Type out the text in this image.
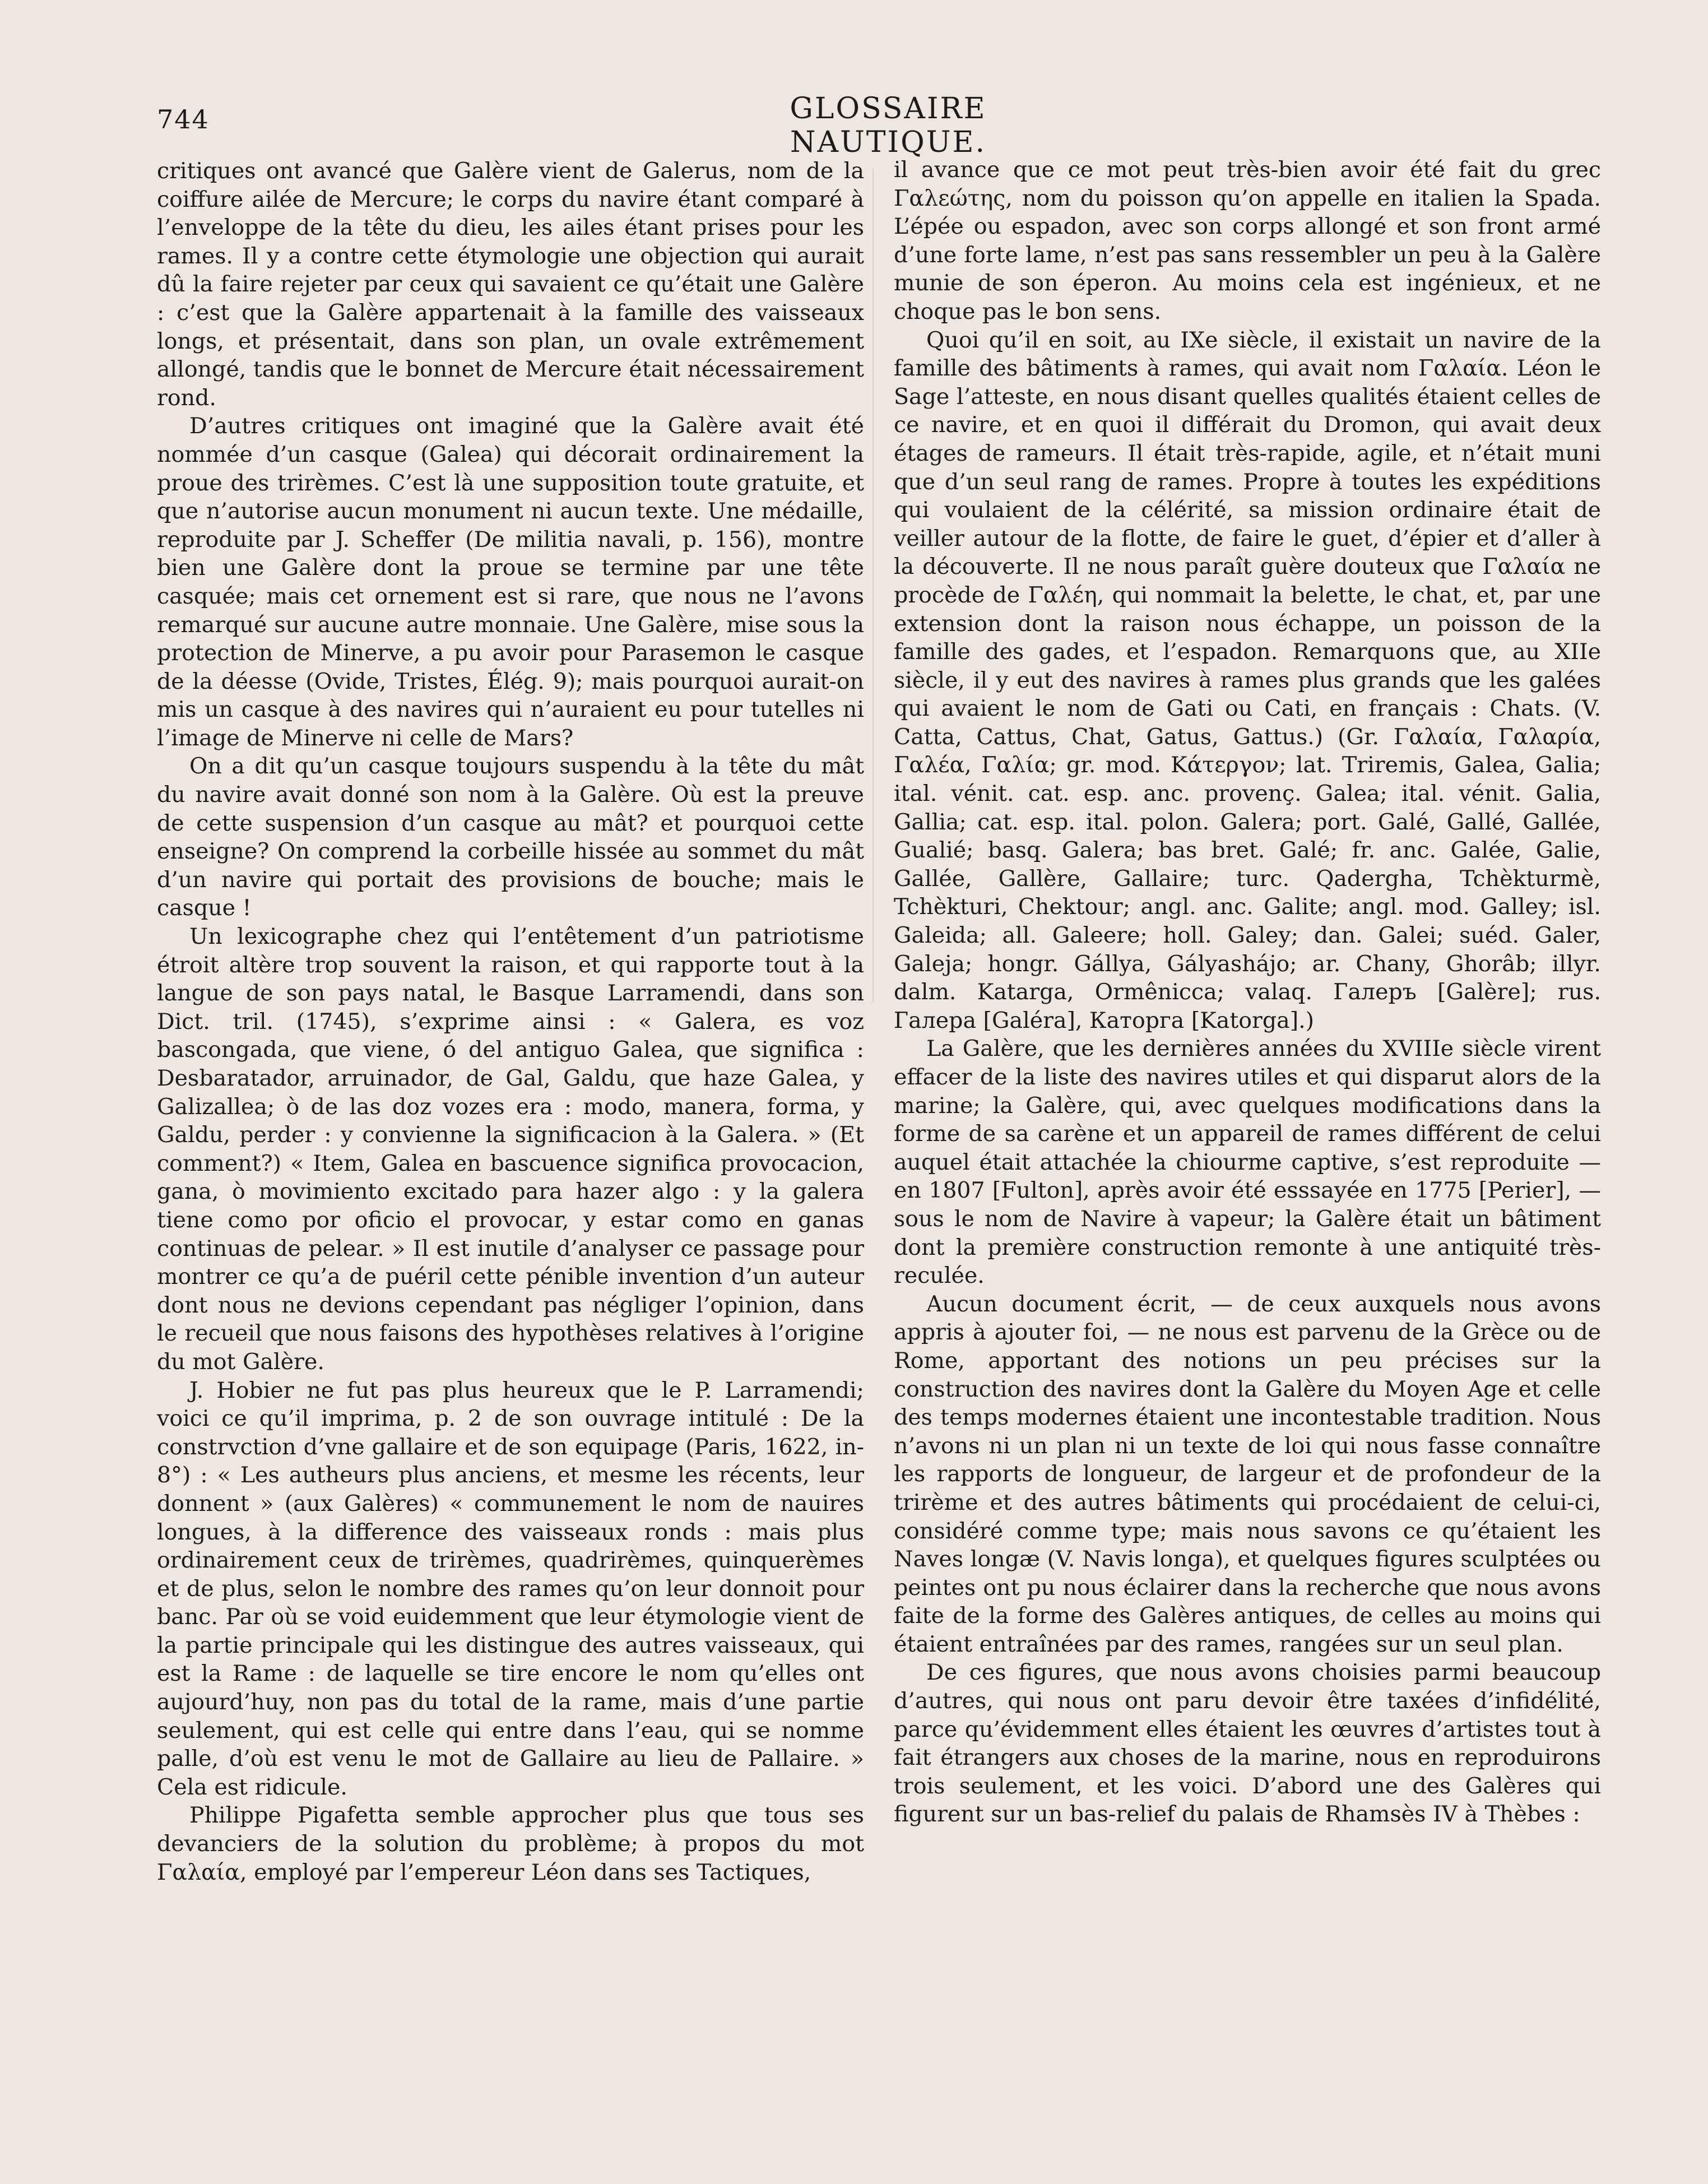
744	GLOSSAIRE NAUTIQUE.

critiques ont avancé que Galère vient de Galerus, nom de la coiffure ailée de Mercure; le corps du navire étant comparé à l’enveloppe de la tête du dieu, les ailes étant prises pour les rames. Il y a contre cette étymologie une objection qui aurait dû la faire rejeter par ceux qui savaient ce qu’était une Galère : c’est que la Galère appartenait à la famille des vaisseaux longs, et présentait, dans son plan, un ovale extrêmement allongé, tandis que le bonnet de Mercure était nécessairement rond.

D’autres critiques ont imaginé que la Galère avait été nommée d’un casque (Galea) qui décorait ordinairement la proue des trirèmes. C’est là une supposition toute gratuite, et que n’autorise aucun monument ni aucun texte. Une médaille, reproduite par J. Scheffer (De militia navali, p. 156), montre bien une Galère dont la proue se termine par une tête casquée; mais cet ornement est si rare, que nous ne l’avons remarqué sur aucune autre monnaie. Une Galère, mise sous la protection de Minerve, a pu avoir pour Parasemon le casque de la déesse (Ovide, Tristes, Élég. 9); mais pourquoi aurait-on mis un casque à des navires qui n’auraient eu pour tutelles ni l’image de Minerve ni celle de Mars?

On a dit qu’un casque toujours suspendu à la tête du mât du navire avait donné son nom à la Galère. Où est la preuve de cette suspension d’un casque au mât? et pourquoi cette enseigne? On comprend la corbeille hissée au sommet du mât d’un navire qui portait des provisions de bouche; mais le casque !

Un lexicographe chez qui l’entêtement d’un patriotisme étroit altère trop souvent la raison, et qui rapporte tout à la langue de son pays natal, le Basque Larramendi, dans son Dict. tril. (1745), s’exprime ainsi : « Galera, es voz bascongada, que viene, ó del antiguo Galea, que significa : Desbaratador, arruinador, de Gal, Galdu, que haze Galea, y Galizallea; ò de las doz vozes era : modo, manera, forma, y Galdu, perder : y convienne la significacion à la Galera. » (Et comment?) « Item, Galea en bascuence significa provocacion, gana, ò movimiento excitado para hazer algo : y la galera tiene como por oficio el provocar, y estar como en ganas continuas de pelear. » Il est inutile d’analyser ce passage pour montrer ce qu’a de puéril cette pénible invention d’un auteur dont nous ne devions cependant pas négliger l’opinion, dans le recueil que nous faisons des hypothèses relatives à l’origine du mot Galère.

J. Hobier ne fut pas plus heureux que le P. Larramendi; voici ce qu’il imprima, p. 2 de son ouvrage intitulé : De la constrvction d’vne gallaire et de son equipage (Paris, 1622, in-8°) : « Les autheurs plus anciens, et mesme les récents, leur donnent » (aux Galères) « communement le nom de nauires longues, à la difference des vaisseaux ronds : mais plus ordinairement ceux de trirèmes, quadrirèmes, quinquerèmes et de plus, selon le nombre des rames qu’on leur donnoit pour banc. Par où se void euidemment que leur étymologie vient de la partie principale qui les distingue des autres vaisseaux, qui est la Rame : de laquelle se tire encore le nom qu’elles ont aujourd’huy, non pas du total de la rame, mais d’une partie seulement, qui est celle qui entre dans l’eau, qui se nomme palle, d’où est venu le mot de Gallaire au lieu de Pallaire. » Cela est ridicule.

Philippe Pigafetta semble approcher plus que tous ses devanciers de la solution du problème; à propos du mot Γαλαία, employé par l’empereur Léon dans ses Tactiques,

il avance que ce mot peut très-bien avoir été fait du grec Γαλεώτης, nom du poisson qu’on appelle en italien la Spada. L’épée ou espadon, avec son corps allongé et son front armé d’une forte lame, n’est pas sans ressembler un peu à la Galère munie de son éperon. Au moins cela est ingénieux, et ne choque pas le bon sens.

Quoi qu’il en soit, au IXe siècle, il existait un navire de la famille des bâtiments à rames, qui avait nom Γαλαία. Léon le Sage l’atteste, en nous disant quelles qualités étaient celles de ce navire, et en quoi il différait du Dromon, qui avait deux étages de rameurs. Il était très-rapide, agile, et n’était muni que d’un seul rang de rames. Propre à toutes les expéditions qui voulaient de la célérité, sa mission ordinaire était de veiller autour de la flotte, de faire le guet, d’épier et d’aller à la découverte. Il ne nous paraît guère douteux que Γαλαία ne procède de Γαλέη, qui nommait la belette, le chat, et, par une extension dont la raison nous échappe, un poisson de la famille des gades, et l’espadon. Remarquons que, au XIIe siècle, il y eut des navires à rames plus grands que les galées qui avaient le nom de Gati ou Cati, en français : Chats. (V. Catta, Cattus, Chat, Gatus, Gattus.) (Gr. Γαλαία, Γαλαρία, Γαλέα, Γαλία; gr. mod. Κάτεργον; lat. Triremis, Galea, Galia; ital. vénit. cat. esp. anc. provenç. Galea; ital. vénit. Galia, Gallia; cat. esp. ital. polon. Galera; port. Galé, Gallé, Gallée, Gualié; basq. Galera; bas bret. Galé; fr. anc. Galée, Galie, Gallée, Gallère, Gallaire; turc. Qadergha, Tchèkturmè, Tchèkturi, Chektour; angl. anc. Galite; angl. mod. Galley; isl. Galeida; all. Galeere; holl. Galey; dan. Galei; suéd. Galer, Galeja; hongr. Gállya, Gályashájo; ar. Chany, Ghorâb; illyr. dalm. Katarga, Ormênicca; valaq. Галеръ [Galère]; rus. Галера [Galéra], Каторга [Katorga].)

La Galère, que les dernières années du XVIIIe siècle virent effacer de la liste des navires utiles et qui disparut alors de la marine; la Galère, qui, avec quelques modifications dans la forme de sa carène et un appareil de rames différent de celui auquel était attachée la chiourme captive, s’est reproduite — en 1807 [Fulton], après avoir été esssayée en 1775 [Perier], — sous le nom de Navire à vapeur; la Galère était un bâtiment dont la première construction remonte à une antiquité très-reculée.

Aucun document écrit, — de ceux auxquels nous avons appris à ajouter foi, — ne nous est parvenu de la Grèce ou de Rome, apportant des notions un peu précises sur la construction des navires dont la Galère du Moyen Age et celle des temps modernes étaient une incontestable tradition. Nous n’avons ni un plan ni un texte de loi qui nous fasse connaître les rapports de longueur, de largeur et de profondeur de la trirème et des autres bâtiments qui procédaient de celui-ci, considéré comme type; mais nous savons ce qu’étaient les Naves longæ (V. Navis longa), et quelques figures sculptées ou peintes ont pu nous éclairer dans la recherche que nous avons faite de la forme des Galères antiques, de celles au moins qui étaient entraînées par des rames, rangées sur un seul plan.

De ces figures, que nous avons choisies parmi beaucoup d’autres, qui nous ont paru devoir être taxées d’infidélité, parce qu’évidemment elles étaient les œuvres d’artistes tout à fait étrangers aux choses de la marine, nous en reproduirons trois seulement, et les voici. D’abord une des Galères qui figurent sur un bas-relief du palais de Rhamsès IV à Thèbes :
